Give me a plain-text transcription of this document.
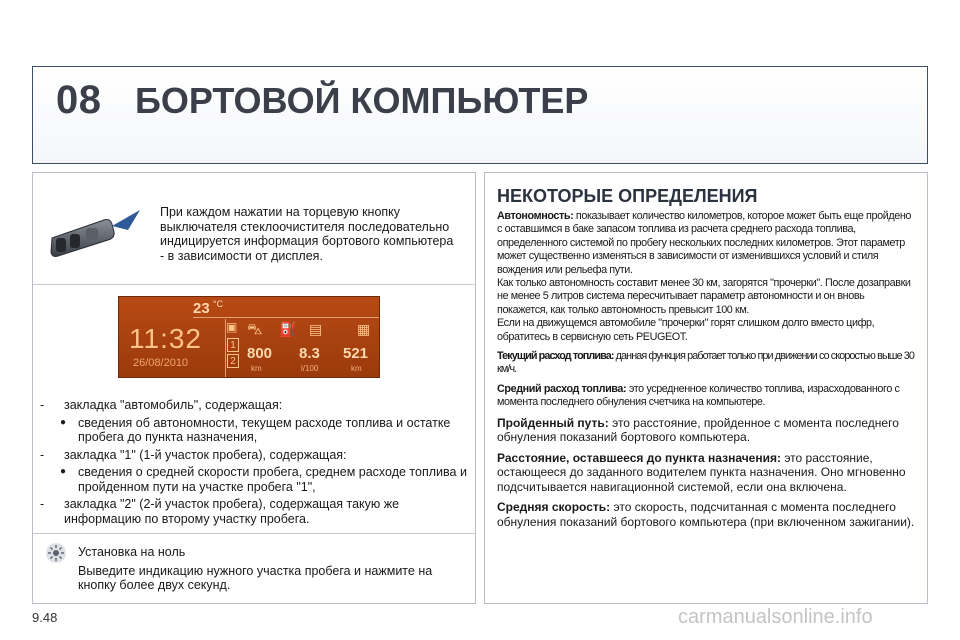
08 БОРТОВОЙ КОМПЬЮТЕР
При каждом нажатии на торцевую кнопку выключателя стеклоочистителя последовательно индицируется информация бортового компьютера - в зависимости от дисплея.
23 °C
11:32
26/08/2010
▣
1
2
⛍ ⛽ ▤ ▦
800
km
8.3
l/100
521
km
- закладка "автомобиль", содержащая:
● сведения об автономности, текущем расходе топлива и остатке пробега до пункта назначения,
- закладка "1" (1-й участок пробега), содержащая:
● сведения о средней скорости пробега, среднем расходе топлива и пройденном пути на участке пробега "1",
- закладка "2" (2-й участок пробега), содержащая такую же информацию по второму участку пробега.
Установка на ноль
Выведите индикацию нужного участка пробега и нажмите на кнопку более двух секунд.
НЕКОТОРЫЕ ОПРЕДЕЛЕНИЯ

Автономность: показывает количество километров, которое может быть еще пройдено с оставшимся в баке запасом топлива из расчета среднего расхода топлива, определенного системой по пробегу нескольких последних километров. Этот параметр может существенно изменяться в зависимости от изменившихся условий и стиля вождения или рельефа пути.
Как только автономность составит менее 30 км, загорятся "прочерки". После дозаправки не менее 5 литров система пересчитывает параметр автономности и он вновь покажется, как только автономность превысит 100 км.
Если на движущемся автомобиле "прочерки" горят слишком долго вместо цифр, обратитесь в сервисную сеть PEUGEOT.

Текущий расход топлива: данная функция работает только при движении со скоростью выше 30 км/ч.

Средний расход топлива: это усредненное количество топлива, израсходованного с момента последнего обнуления счетчика на компьютере.

Пройденный путь: это расстояние, пройденное с момента последнего обнуления показаний бортового компьютера.

Расстояние, оставшееся до пункта назначения: это расстояние, остающееся до заданного водителем пункта назначения. Оно мгновенно подсчитывается навигационной системой, если она включена.

Средняя скорость: это скорость, подсчитанная с момента последнего обнуления показаний бортового компьютера (при включенном зажигании).

9.48	carmanualsonline.info
